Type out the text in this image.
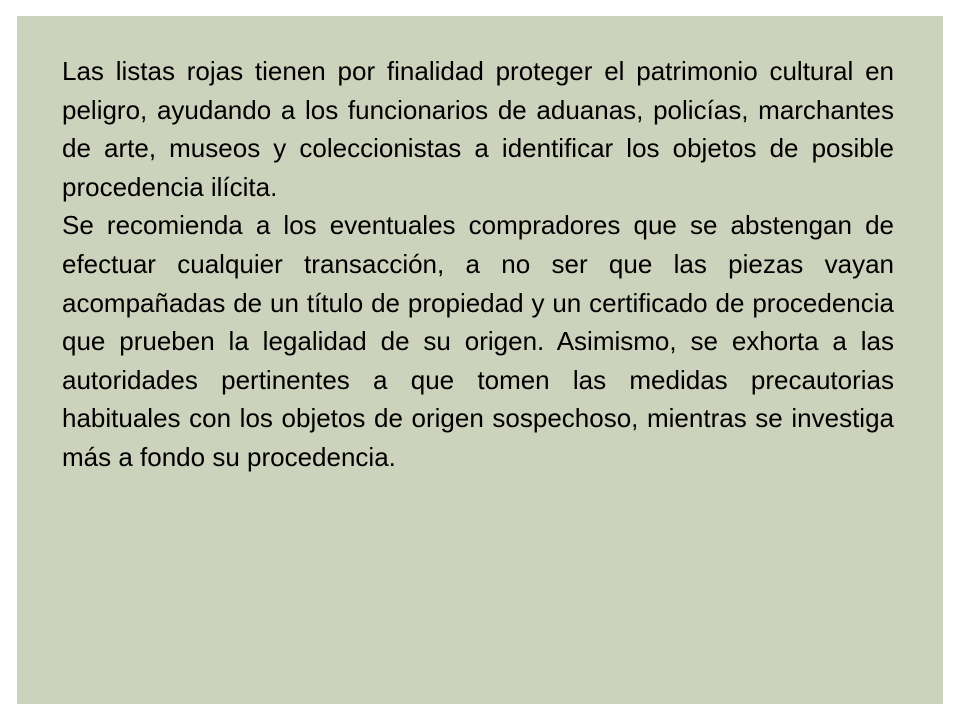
Las listas rojas tienen por finalidad proteger el patrimonio cultural en peligro, ayudando a los funcionarios de aduanas, policías, marchantes de arte, museos y coleccionistas a identificar los objetos de posible procedencia ilícita.

Se recomienda a los eventuales compradores que se abstengan de efectuar cualquier transacción, a no ser que las piezas vayan acompañadas de un título de propiedad y un certificado de procedencia que prueben la legalidad de su origen. Asimismo, se exhorta a las autoridades pertinentes a que tomen las medidas precautorias habituales con los objetos de origen sospechoso, mientras se investiga más a fondo su procedencia.
